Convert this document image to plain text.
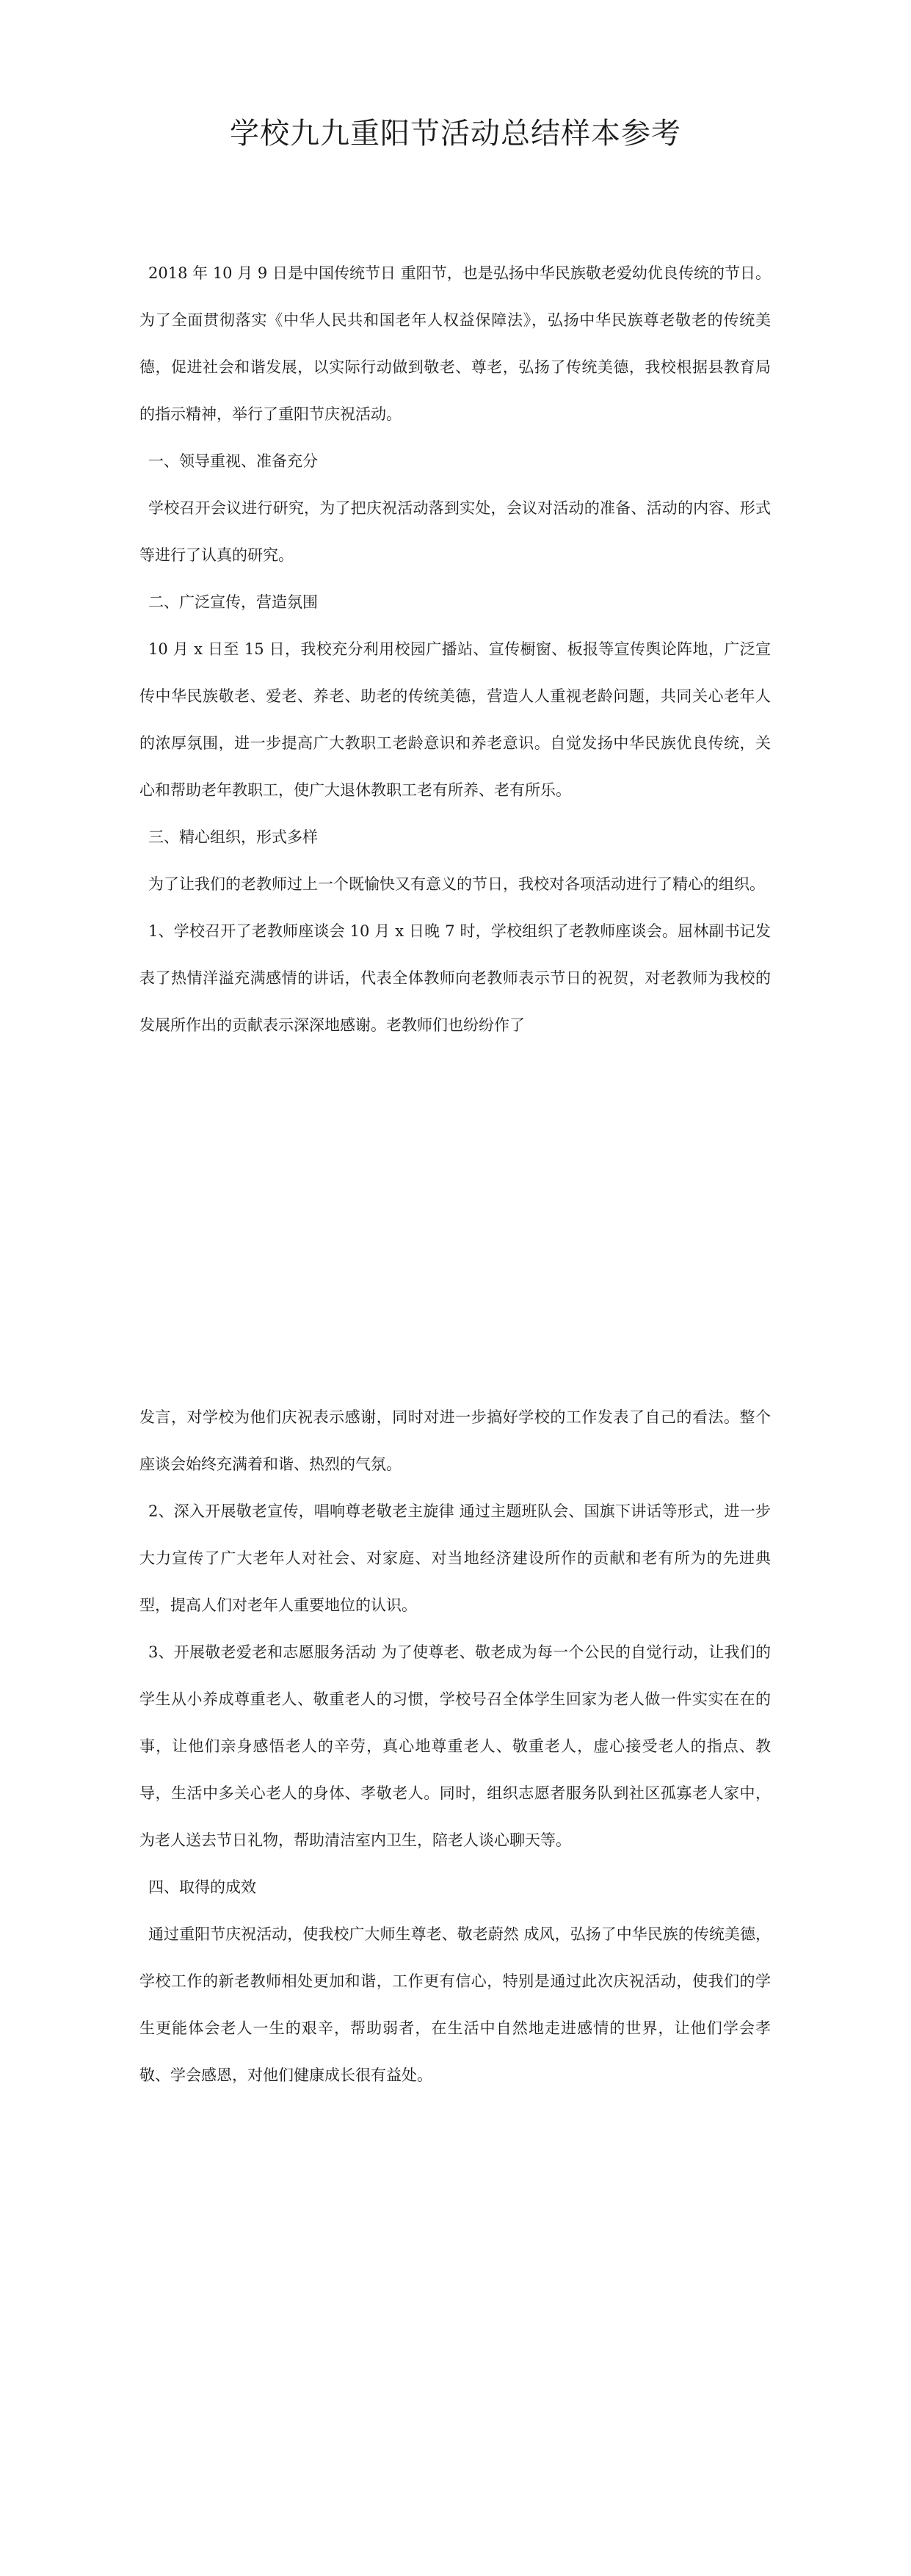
学校九九重阳节活动总结样本参考

2018 年 10 月 9 日是中国传统节日 重阳节，也是弘扬中华民族敬老爱幼优良传统的节日。为了全面贯彻落实《中华人民共和国老年人权益保障法》，弘扬中华民族尊老敬老的传统美德，促进社会和谐发展，以实际行动做到敬老、尊老，弘扬了传统美德，我校根据县教育局的指示精神，举行了重阳节庆祝活动。

一、领导重视、准备充分

学校召开会议进行研究，为了把庆祝活动落到实处，会议对活动的准备、活动的内容、形式等进行了认真的研究。

二、广泛宣传，营造氛围

10 月 x 日至 15 日，我校充分利用校园广播站、宣传橱窗、板报等宣传舆论阵地，广泛宣传中华民族敬老、爱老、养老、助老的传统美德，营造人人重视老龄问题，共同关心老年人的浓厚氛围，进一步提高广大教职工老龄意识和养老意识。自觉发扬中华民族优良传统，关心和帮助老年教职工，使广大退休教职工老有所养、老有所乐。

三、精心组织，形式多样

为了让我们的老教师过上一个既愉快又有意义的节日，我校对各项活动进行了精心的组织。

1、学校召开了老教师座谈会 10 月 x 日晚 7 时，学校组织了老教师座谈会。屈林副书记发表了热情洋溢充满感情的讲话，代表全体教师向老教师表示节日的祝贺，对老教师为我校的发展所作出的贡献表示深深地感谢。老教师们也纷纷作了

发言，对学校为他们庆祝表示感谢，同时对进一步搞好学校的工作发表了自己的看法。整个座谈会始终充满着和谐、热烈的气氛。

2、深入开展敬老宣传，唱响尊老敬老主旋律 通过主题班队会、国旗下讲话等形式，进一步大力宣传了广大老年人对社会、对家庭、对当地经济建设所作的贡献和老有所为的先进典型，提高人们对老年人重要地位的认识。

3、开展敬老爱老和志愿服务活动 为了使尊老、敬老成为每一个公民的自觉行动，让我们的学生从小养成尊重老人、敬重老人的习惯，学校号召全体学生回家为老人做一件实实在在的事，让他们亲身感悟老人的辛劳，真心地尊重老人、敬重老人，虚心接受老人的指点、教导，生活中多关心老人的身体、孝敬老人。同时，组织志愿者服务队到社区孤寡老人家中，为老人送去节日礼物，帮助清洁室内卫生，陪老人谈心聊天等。

四、取得的成效

通过重阳节庆祝活动，使我校广大师生尊老、敬老蔚然 成风，弘扬了中华民族的传统美德，学校工作的新老教师相处更加和谐，工作更有信心，特别是通过此次庆祝活动，使我们的学生更能体会老人一生的艰辛，帮助弱者，在生活中自然地走进感情的世界，让他们学会孝敬、学会感恩，对他们健康成长很有益处。
